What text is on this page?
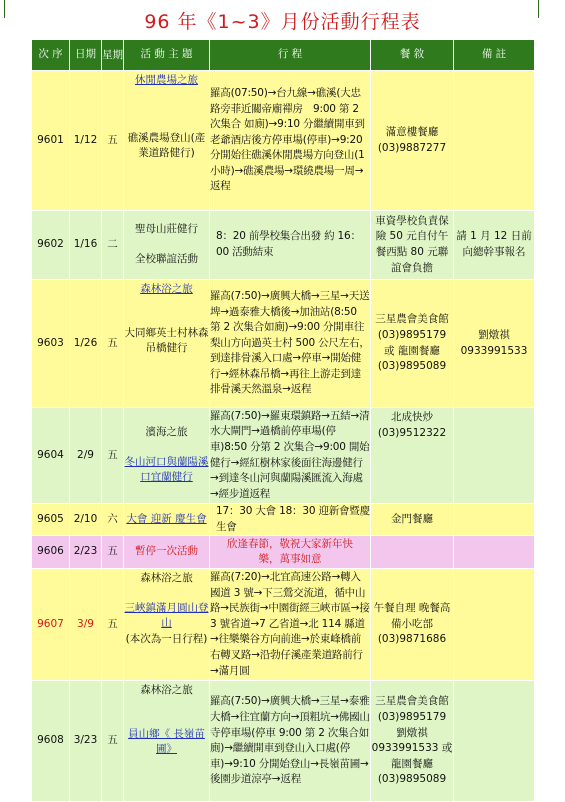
96 年《1~3》月份活動行程表
次 序	日期	星期	活 動 主 題	行 程	餐 敘	備 註
9601	1/12	五	休閒農場之旅
礁溪農場登山(產業道路健行)	羅高(07:50)→台九線→礁溪(大忠路旁菲近關帝廟禪房　9:00 第 2 次集合 如廁)→9:10 分繼續開車到老爺酒店後方停車場(停車)→9:20 分開始往礁溪休閒農場方向登山(1 小時)→礁溪農場→環繞農場一周→返程	滿意樓餐廳 (03)9887277	
9602	1/16	二	聖母山莊健行
全校聯誼活動	8：20 前學校集合出發 約 16：00 活動結束	車資學校負責保險 50 元自付午餐西點 80 元聯誼會負擔	請 1 月 12 日前向總幹事報名
9603	1/26	五	森林浴之旅
大同鄉英士村林森吊橋健行	羅高(7:50)→廣興大橋→三星→天送埤→過泰雅大橋後→加油站(8:50 第 2 次集合如廁)→9:00 分開車往梨山方向過英士村 500 公尺左右，到達排骨溪入口處→停車→開始健行→經林森吊橋→再往上游走到達排骨溪天然溫泉→返程	三星農會美食館 (03)9895179 或 龍園餐廳 (03)9895089	劉燉祺 0933991533
9604	2/9	五	濱海之旅
冬山河口與蘭陽溪口宜蘭健行	羅高(7:50)→羅東環鎮路→五結→清水大閘門→過橋前停車場(停車)8:50 分第 2 次集合→9:00 開始健行→經紅樹林家後面往海邊健行→到達冬山河與蘭陽溪匯流入海處→經步道返程	北成快炒 (03)9512322	
9605	2/10	六	大會 迎新 慶生會	17：30 大會 18：30 迎新會暨慶生會	金門餐廳	
9606	2/23	五	暫停一次活動	欣逢春節，敬祝大家新年快樂，萬事如意		
9607	3/9	五	森林浴之旅
三峽鎮滿月圓山登山
(本次為一日行程)	羅高(7:20)→北宜高速公路→轉入國道 3 號→下三鶯交流道，循中山路→民族街→中園街經三峽市區→接 3 號省道→7 乙省道→北 114 縣道→往樂樂谷方向前進→於東峰橋前右轉叉路→沿勃仔溪產業道路前行→滿月圓	午餐自理 晚餐高備小吃部 (03)9871686	
9608	3/23	五	森林浴之旅
員山鄉《 長嶺苗圃》	羅高(7:50)→廣興大橋→三星→泰雅大橋→往宜蘭方向→頂粗坑→佛國山寺停車場(停車 9:00 第 2 次集合如廁)→繼續開車到登山入口處(停車)→9:10 分開始登山→長嶺苗圃→後園步道涼亭→返程	三星農會美食館 (03)9895179 劉燉祺 0933991533 或 龍園餐廳 (03)9895089	
